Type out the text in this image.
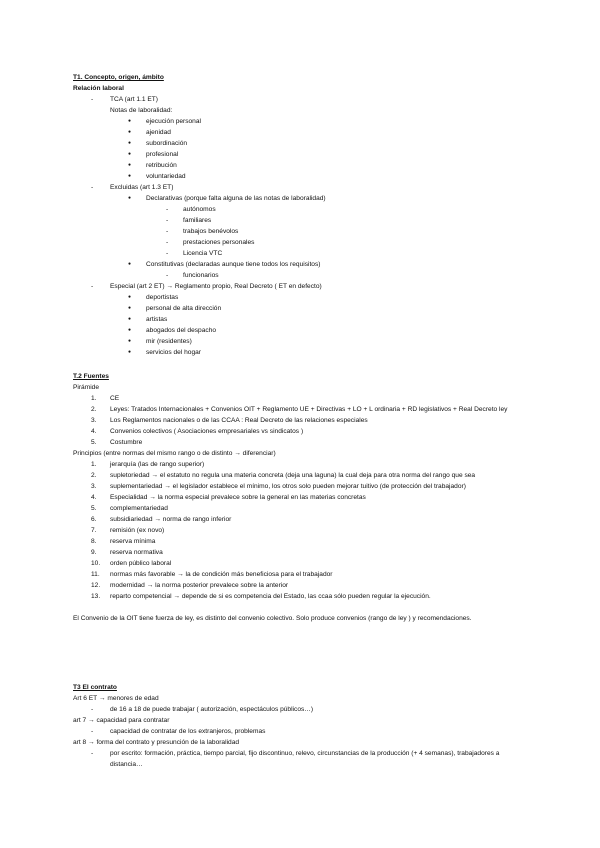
T1. Concepto, origen, ámbito
Relación laboral
- TCA (art 1.1 ET)
Notas de laboralidad:
● ejecución personal
● ajenidad
● subordinación
● profesional
● retribución
● voluntariedad
- Excluidas (art 1.3 ET)
● Declarativas (porque falta alguna de las notas de laboralidad)
- autónomos
- familiares
- trabajos benévolos
- prestaciones personales
- Licencia VTC
● Constitutivas (declaradas aunque tiene todos los requisitos)
- funcionarios
- Especial (art 2 ET) → Reglamento propio, Real Decreto ( ET en defecto)
● deportistas
● personal de alta dirección
● artistas
● abogados del despacho
● mir (residentes)
● servicios del hogar
T.2 Fuentes
Pirámide
1. CE
2. Leyes: Tratados Internacionales + Convenios OIT + Reglamento UE + Directivas + LO + L ordinaria + RD legislativos + Real Decreto ley
3. Los Reglamentos nacionales o de las CCAA : Real Decreto de las relaciones especiales
4. Convenios colectivos ( Asociaciones empresariales vs sindicatos )
5. Costumbre
Principios (entre normas del mismo rango o de distinto → diferenciar)
1. jerarquía (las de rango superior)
2. supletoriedad → el estatuto no regula una materia concreta (deja una laguna) la cual deja para otra norma del rango que sea
3. suplementariedad → el legislador establece el mínimo, los otros solo pueden mejorar tuitivo (de protección del trabajador)
4. Especialidad → la norma especial prevalece sobre la general en las materias concretas
5. complementariedad
6. subsidiariedad → norma de rango inferior
7. remisión (ex novo)
8. reserva mínima
9. reserva normativa
10. orden público laboral
11. normas más favorable → la de condición más beneficiosa para el trabajador
12. modernidad → la norma posterior prevalece sobre la anterior
13. reparto competencial → depende de si es competencia del Estado, las ccaa sólo pueden regular la ejecución.
El Convenio de la OIT tiene fuerza de ley, es distinto del convenio colectivo. Solo produce convenios (rango de ley ) y recomendaciones.
T3 El contrato
Art 6 ET → menores de edad
- de 16 a 18 de puede trabajar ( autorización, espectáculos públicos…)
art 7 → capacidad para contratar
- capacidad de contratar de los extranjeros, problemas
art 8 → forma del contrato y presunción de la laboralidad
- por escrito: formación, práctica, tiempo parcial, fijo discontinuo, relevo, circunstancias de la producción (+ 4 semanas), trabajadores a distancia…
